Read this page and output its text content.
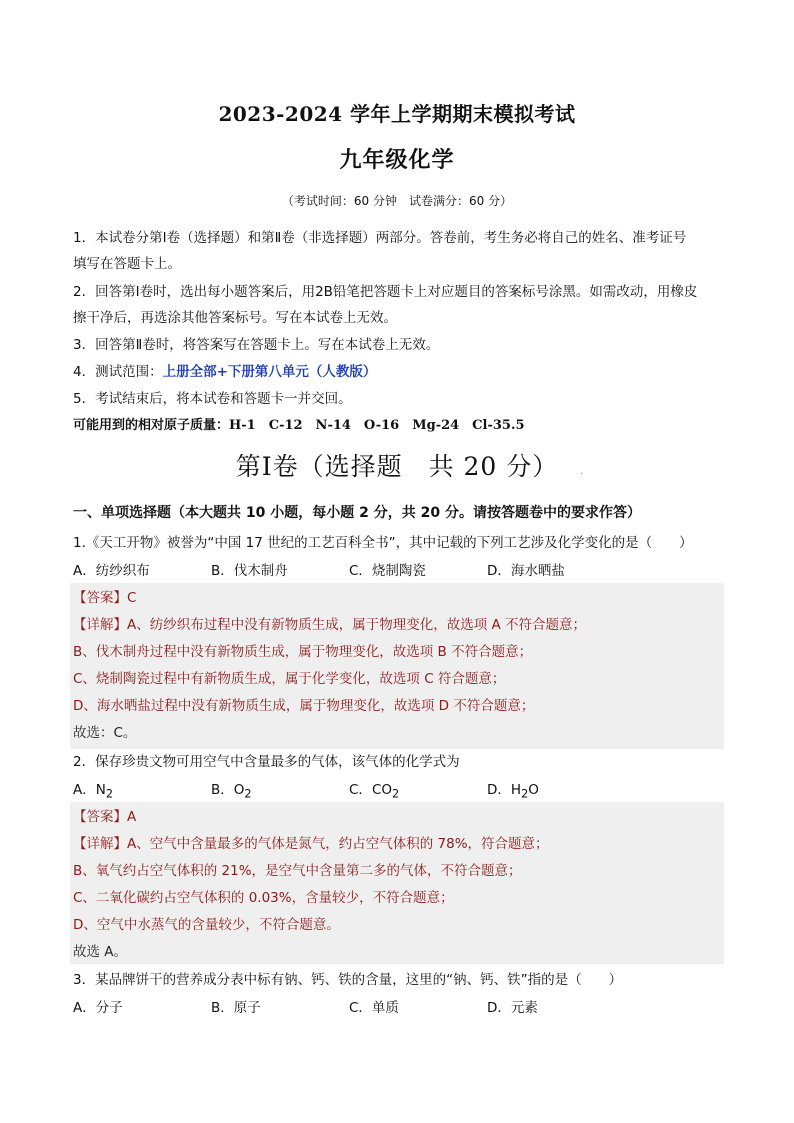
2023-2024 学年上学期期末模拟考试
九年级化学
（考试时间：60 分钟　试卷满分：60 分）
1．本试卷分第Ⅰ卷（选择题）和第Ⅱ卷（非选择题）两部分。答卷前，考生务必将自己的姓名、准考证号
填写在答题卡上。
2．回答第Ⅰ卷时，选出每小题答案后，用2B铅笔把答题卡上对应题目的答案标号涂黑。如需改动，用橡皮
擦干净后，再选涂其他答案标号。写在本试卷上无效。
3．回答第Ⅱ卷时，将答案写在答题卡上。写在本试卷上无效。
4．测试范围：上册全部+下册第八单元（人教版）
5．考试结束后，将本试卷和答题卡一并交回。
可能用到的相对原子质量：H-1　C-12　N-14　O-16　Mg-24　Cl-35.5
第Ⅰ卷（选择题　共 20 分）	.
一、单项选择题（本大题共 10 小题，每小题 2 分，共 20 分。请按答题卷中的要求作答）
1.《天工开物》被誉为“中国 17 世纪的工艺百科全书”，其中记载的下列工艺涉及化学变化的是（　　）
A．纺纱织布	B．伐木制舟	C．烧制陶瓷	D．海水晒盐
【答案】C
【详解】A、纺纱织布过程中没有新物质生成，属于物理变化，故选项 A 不符合题意；
B、伐木制舟过程中没有新物质生成，属于物理变化，故选项 B 不符合题意；
C、烧制陶瓷过程中有新物质生成，属于化学变化，故选项 C 符合题意；
D、海水晒盐过程中没有新物质生成，属于物理变化，故选项 D 不符合题意；
故选：C。
2．保存珍贵文物可用空气中含量最多的气体，该气体的化学式为
A．$N_2$	B．$O_2$	C．$CO_2$	D．$H_2O$
【答案】A
【详解】A、空气中含量最多的气体是氮气，约占空气体积的 78%，符合题意；
B、氧气约占空气体积的 21%，是空气中含量第二多的气体，不符合题意；
C、二氧化碳约占空气体积的 0.03%，含量较少，不符合题意；
D、空气中水蒸气的含量较少，不符合题意。
故选 A。
3．某品牌饼干的营养成分表中标有钠、钙、铁的含量，这里的“钠、钙、铁”指的是（　　）
A．分子	B．原子	C．单质	D．元素
